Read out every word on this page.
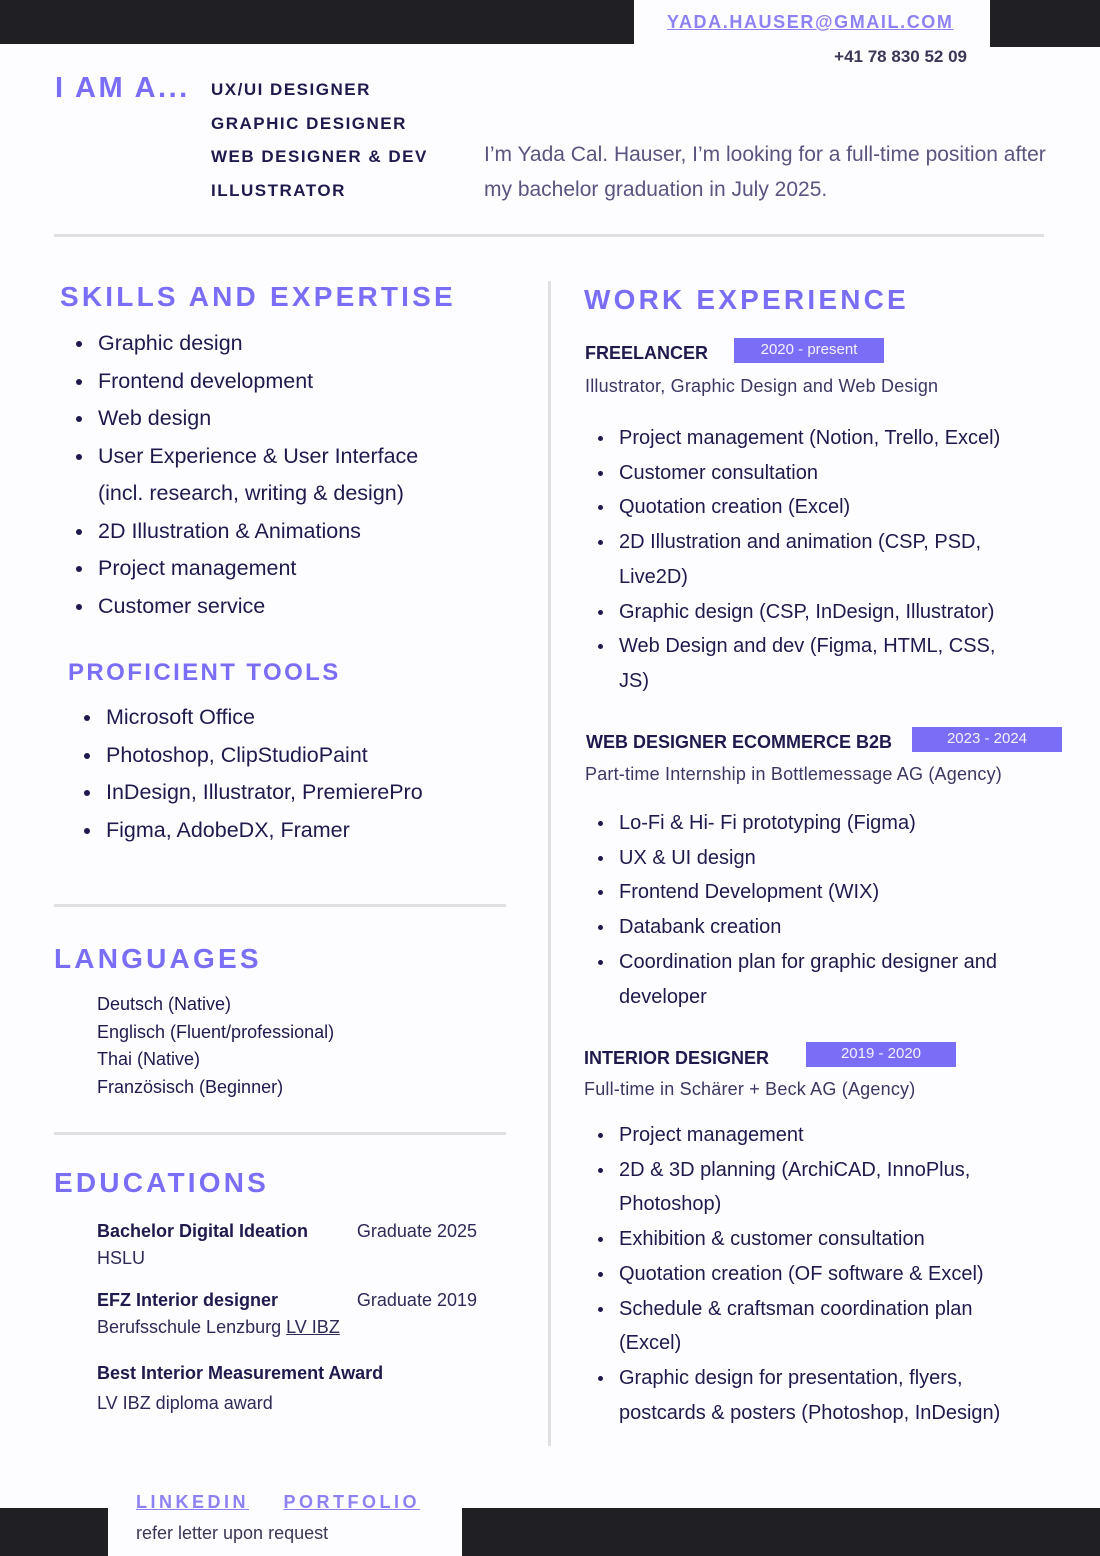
YADA.HAUSER@GMAIL.COM
+41 78 830 52 09
I AM A... UX/UI DESIGNER
GRAPHIC DESIGNER
WEB DESIGNER & DEV
ILLUSTRATOR
I’m Yada Cal. Hauser, I’m looking for a full-time position after my bachelor graduation in July 2025.
SKILLS AND EXPERTISE
Graphic design
Frontend development
Web design
User Experience & User Interface (incl. research, writing & design)
2D Illustration & Animations
Project management
Customer service
PROFICIENT TOOLS
Microsoft Office
Photoshop, ClipStudioPaint
InDesign, Illustrator, PremierePro
Figma, AdobeDX, Framer
LANGUAGES
Deutsch (Native)
Englisch (Fluent/professional)
Thai (Native)
Französisch (Beginner)
EDUCATIONS
Bachelor Digital Ideation	Graduate 2025
HSLU
EFZ Interior designer	Graduate 2019
Berufsschule Lenzburg LV IBZ
Best Interior Measurement Award
LV IBZ diploma award
WORK EXPERIENCE
FREELANCER	2020 - present
Illustrator, Graphic Design and Web Design
Project management (Notion, Trello, Excel)
Customer consultation
Quotation creation (Excel)
2D Illustration and animation (CSP, PSD, Live2D)
Graphic design (CSP, InDesign, Illustrator)
Web Design and dev (Figma, HTML, CSS, JS)
WEB DESIGNER ECOMMERCE B2B	2023 - 2024
Part-time Internship in Bottlemessage AG (Agency)
Lo-Fi & Hi- Fi prototyping (Figma)
UX & UI design
Frontend Development (WIX)
Databank creation
Coordination plan for graphic designer and developer
INTERIOR DESIGNER	2019 - 2020
Full-time in Schärer + Beck AG (Agency)
Project management
2D & 3D planning (ArchiCAD, InnoPlus, Photoshop)
Exhibition & customer consultation
Quotation creation (OF software & Excel)
Schedule & craftsman coordination plan (Excel)
Graphic design for presentation, flyers, postcards & posters (Photoshop, InDesign)
LINKEDIN PORTFOLIO
refer letter upon request
